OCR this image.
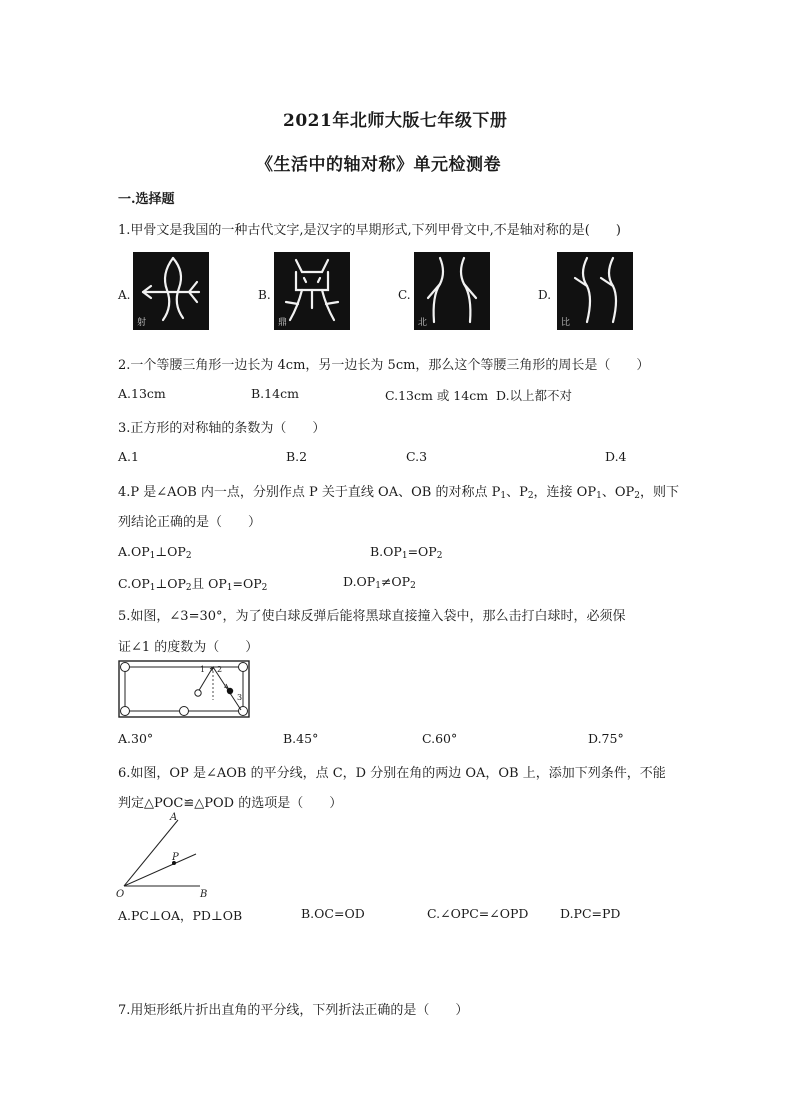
2021年北师大版七年级下册
《生活中的轴对称》单元检测卷
一.选择题
1.甲骨文是我国的一种古代文字,是汉字的早期形式,下列甲骨文中,不是轴对称的是(　　)
A.
射
B.
鼎
C.
北
D.
比
2.一个等腰三角形一边长为 4cm，另一边长为 5cm，那么这个等腰三角形的周长是（　　）
A.13cm	B.14cm	C.13cm 或 14cm D.以上都不对
3.正方形的对称轴的条数为（　　）
A.1	B.2	C.3	D.4
4.P 是∠AOB 内一点，分别作点 P 关于直线 OA、OB 的对称点 $P_1$、$P_2$，连接 $OP_1$、$OP_2$，则下
列结论正确的是（　　）
$A.OP_1\perp OP_2$	$B.OP_1=OP_2$
$C.OP_1\perp OP_2$且 $OP_1=OP_2$	$D.OP_1\ne OP_2$
5.如图，∠3=30°，为了使白球反弹后能将黑球直接撞入袋中，那么击打白球时，必须保
证∠1 的度数为（　　）
1 2
3
A.30°	B.45°	C.60°	D.75°
6.如图，OP 是∠AOB 的平分线，点 C，D 分别在角的两边 OA，OB 上，添加下列条件，不能
判定△POC≌△POD 的选项是（　　）
A
P
O	B
A.PC⊥OA，PD⊥OB	B.OC=OD	C.∠OPC=∠OPD	D.PC=PD
7.用矩形纸片折出直角的平分线，下列折法正确的是（　　）
